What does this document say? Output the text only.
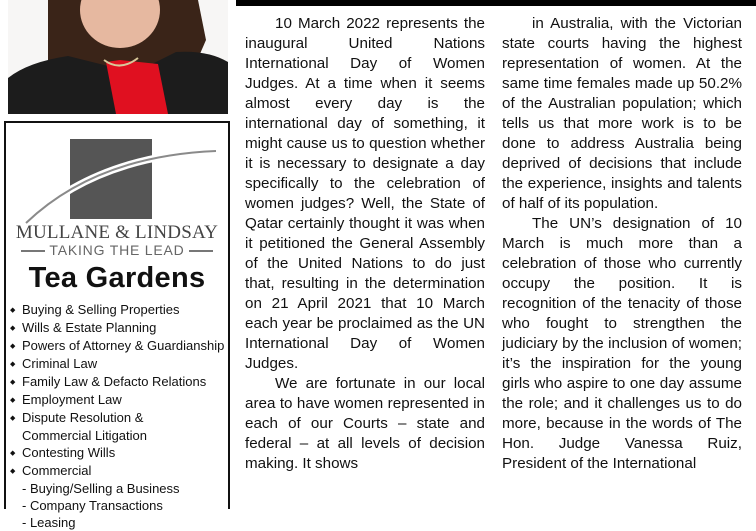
MULLANE & LINDSAY
TAKING THE LEAD
Tea Gardens
◆ Buying & Selling Properties
◆ Wills & Estate Planning
◆ Powers of Attorney & Guardianship
◆ Criminal Law
◆ Family Law & Defacto Relations
◆ Employment Law
◆ Dispute Resolution &
Commercial Litigation
◆ Contesting Wills
◆ Commercial
- Buying/Selling a Business
- Company Transactions
- Leasing

10 March 2022 represents the inaugural United Nations International Day of Women Judges. At a time when it seems almost every day is the international day of something, it might cause us to question whether it is necessary to designate a day specifically to the celebration of women judges? Well, the State of Qatar certainly thought it was when it petitioned the General Assembly of the United Nations to do just that, resulting in the determination on 21 April 2021 that 10 March each year be proclaimed as the UN International Day of Women Judges.

We are fortunate in our local area to have women represented in each of our Courts – state and federal – at all levels of decision making. It shows

in Australia, with the Victorian state courts having the highest representation of women. At the same time females made up 50.2% of the Australian population; which tells us that more work is to be done to address Australia being deprived of decisions that include the experience, insights and talents of half of its population.

The UN’s designation of 10 March is much more than a celebration of those who currently occupy the position. It is recognition of the tenacity of those who fought to strengthen the judiciary by the inclusion of women; it’s the inspiration for the young girls who aspire to one day assume the role; and it challenges us to do more, because in the words of The Hon. Judge Vanessa Ruiz, President of the International
